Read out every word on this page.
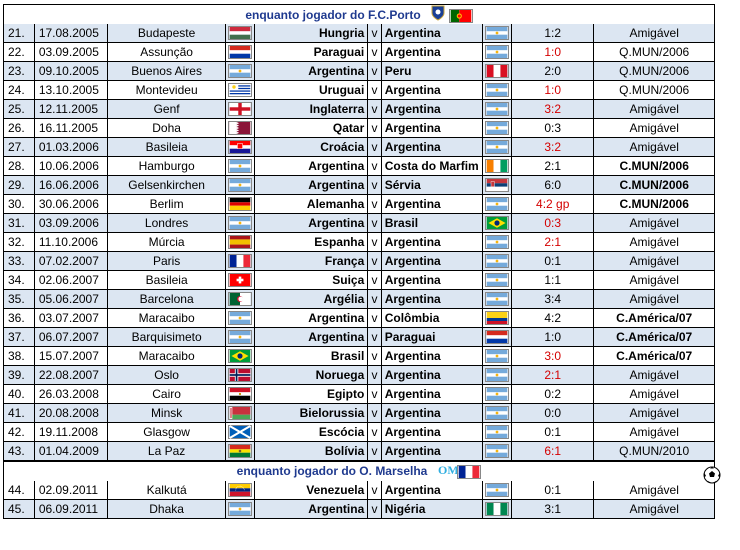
enquanto jogador do F.C.Porto
21.	17.08.2005	Budapeste	Hungria v Argentina	1:2	Amigável
22.	03.09.2005	Assunção	Paraguai v Argentina	1:0	Q.MUN/2006
23.	09.10.2005	Buenos Aires	Argentina v Peru	2:0	Q.MUN/2006
24.	13.10.2005	Montevideu	Uruguai v Argentina	1:0	Q.MUN/2006
25.	12.11.2005	Genf	Inglaterra v Argentina	3:2	Amigável
26.	16.11.2005	Doha	Qatar v Argentina	0:3	Amigável
27.	01.03.2006	Basileia	Croácia v Argentina	3:2	Amigável
28.	10.06.2006	Hamburgo	Argentina v Costa do Marfim	2:1	C.MUN/2006
29.	16.06.2006	Gelsenkirchen	Argentina v Sérvia	6:0	C.MUN/2006
30.	30.06.2006	Berlim	Alemanha v Argentina	4:2 gp	C.MUN/2006
31.	03.09.2006	Londres	Argentina v Brasil	0:3	Amigável
32.	11.10.2006	Múrcia	Espanha v Argentina	2:1	Amigável
33.	07.02.2007	Paris	França v Argentina	0:1	Amigável
34.	02.06.2007	Basileia	Suiça v Argentina	1:1	Amigável
35.	05.06.2007	Barcelona	Argélia v Argentina	3:4	Amigável
36.	03.07.2007	Maracaibo	Argentina v Colômbia	4:2	C.América/07
37.	06.07.2007	Barquisimeto	Argentina v Paraguai	1:0	C.América/07
38.	15.07.2007	Maracaibo	Brasil v Argentina	3:0	C.América/07
39.	22.08.2007	Oslo	Noruega v Argentina	2:1	Amigável
40.	26.03.2008	Cairo	Egipto v Argentina	0:2	Amigável
41.	20.08.2008	Minsk	Bielorussia v Argentina	0:0	Amigável
42.	19.11.2008	Glasgow	Escócia v Argentina	0:1	Amigável
43.	01.04.2009	La Paz	Bolívia v Argentina	6:1	Q.MUN/2010
enquanto jogador do O. Marselha OM
44.	02.09.2011	Kalkutá	Venezuela v Argentina	0:1	Amigável
45.	06.09.2011	Dhaka	Argentina v Nigéria	3:1	Amigável
